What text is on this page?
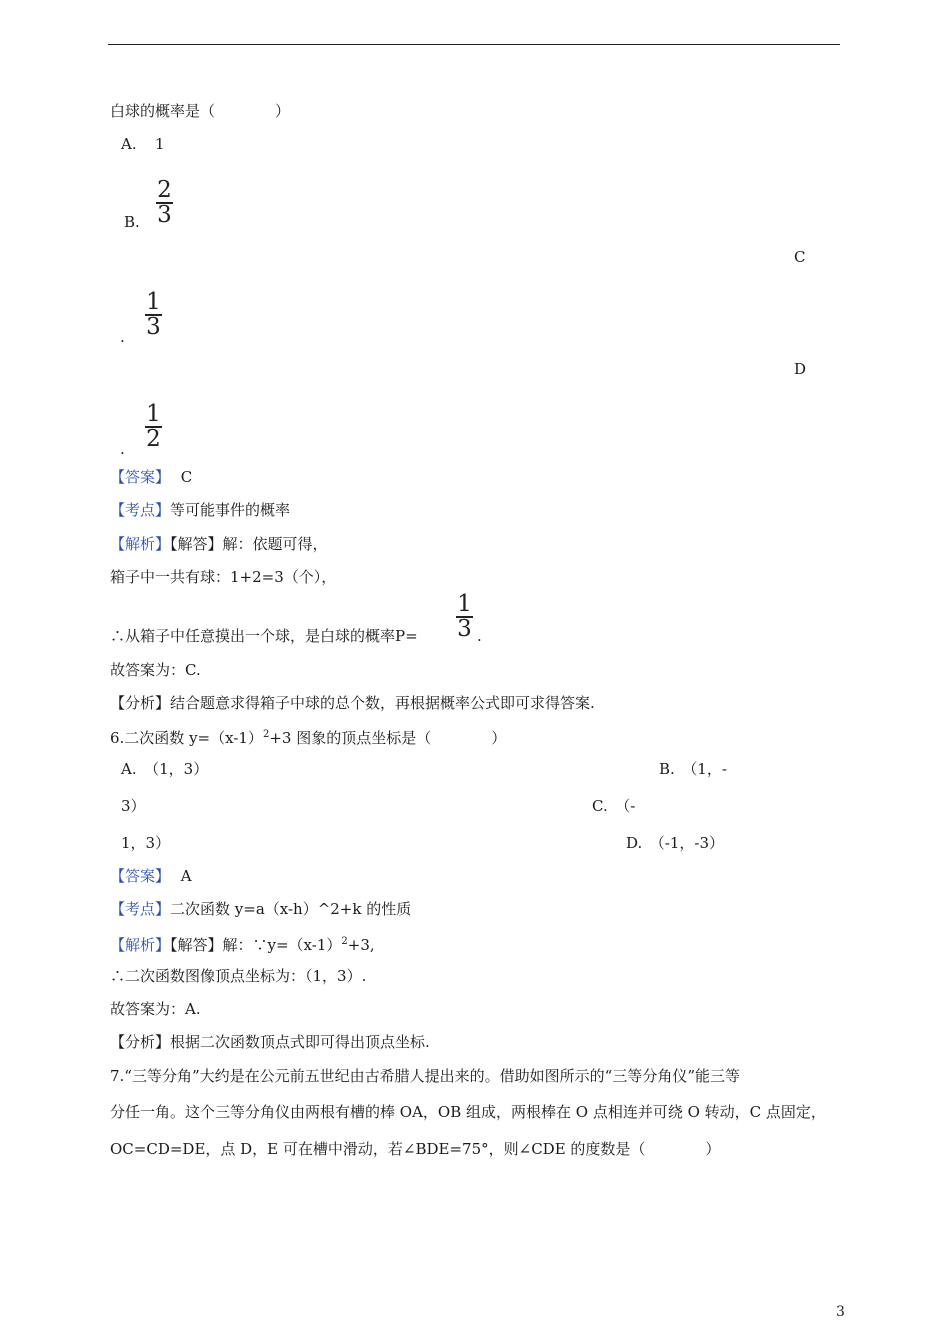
白球的概率是（　　　　）
A. 1
B.
2
3
C
.
1
3
D
.
1
2
【答案】 C
【考点】等可能事件的概率
【解析】【解答】解：依题可得，
箱子中一共有球：1+2=3（个），
∴从箱子中任意摸出一个球，是白球的概率P=
1
3 .
故答案为：C.
【分析】结合题意求得箱子中球的总个数，再根据概率公式即可求得答案.
6.二次函数 $y=(x-1)^2+3$ 图象的顶点坐标是（　　　　）
A.　（1，3）	B.　（1，-
3）	C.　（-
1，3）	D.　（-1，-3）
【答案】 A
【考点】二次函数 y=a（x-h）^2+k 的性质
【解析】【解答】解：$\because y=(x-1)^2+3$,
∴二次函数图像顶点坐标为：（1，3）.
故答案为：A.
【分析】根据二次函数顶点式即可得出顶点坐标.
7.“三等分角”大约是在公元前五世纪由古希腊人提出来的。借助如图所示的“三等分角仪”能三等
分任一角。这个三等分角仪由两根有槽的棒 OA，OB 组成，两根棒在 O 点相连并可绕 O 转动，C 点固定，
OC=CD=DE，点 D，E 可在槽中滑动，若∠BDE=75°，则∠CDE 的度数是（　　　　）
3
